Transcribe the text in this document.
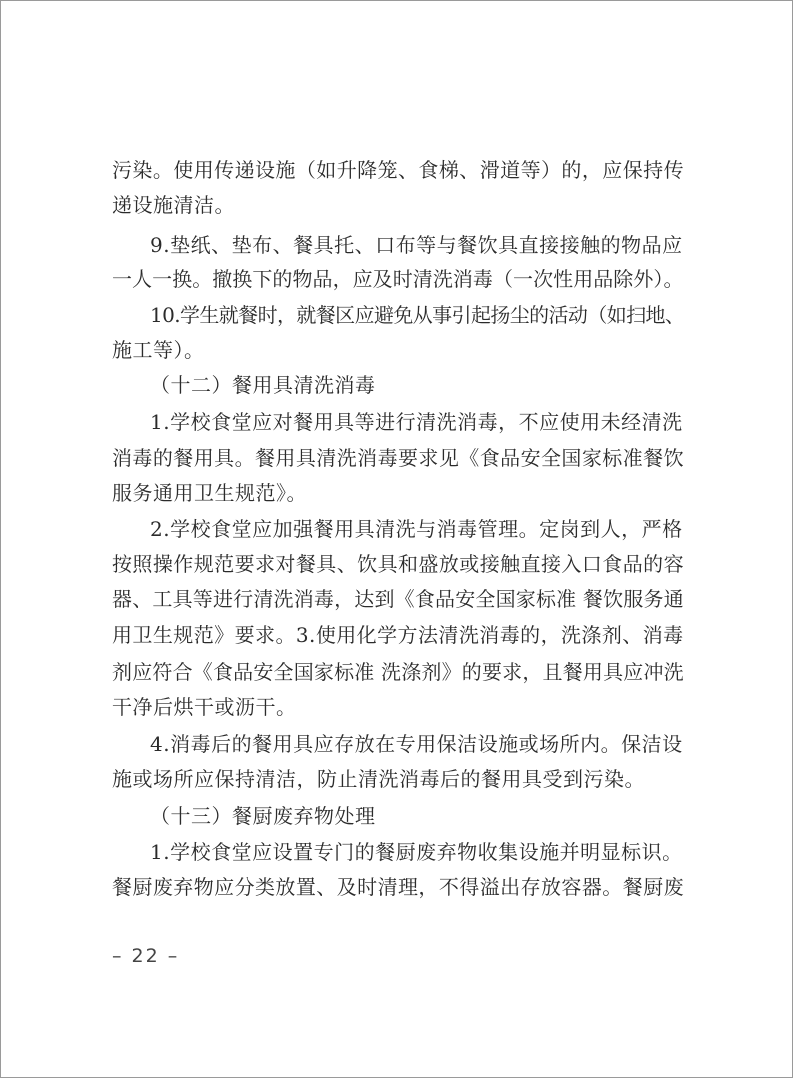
污染。使用传递设施（如升降笼、食梯、滑道等）的，应保持传
递设施清洁。
9.垫纸、垫布、餐具托、口布等与餐饮具直接接触的物品应
一人一换。撤换下的物品，应及时清洗消毒（一次性用品除外）。
10.学生就餐时，就餐区应避免从事引起扬尘的活动（如扫地、
施工等）。
（十二）餐用具清洗消毒
1.学校食堂应对餐用具等进行清洗消毒，不应使用未经清洗
消毒的餐用具。餐用具清洗消毒要求见《食品安全国家标准餐饮
服务通用卫生规范》。
2.学校食堂应加强餐用具清洗与消毒管理。定岗到人，严格
按照操作规范要求对餐具、饮具和盛放或接触直接入口食品的容
器、工具等进行清洗消毒，达到《食品安全国家标准 餐饮服务通
用卫生规范》要求。3.使用化学方法清洗消毒的，洗涤剂、消毒
剂应符合《食品安全国家标准 洗涤剂》的要求，且餐用具应冲洗
干净后烘干或沥干。
4.消毒后的餐用具应存放在专用保洁设施或场所内。保洁设
施或场所应保持清洁，防止清洗消毒后的餐用具受到污染。
（十三）餐厨废弃物处理
1.学校食堂应设置专门的餐厨废弃物收集设施并明显标识。
餐厨废弃物应分类放置、及时清理，不得溢出存放容器。餐厨废
– 22 –
